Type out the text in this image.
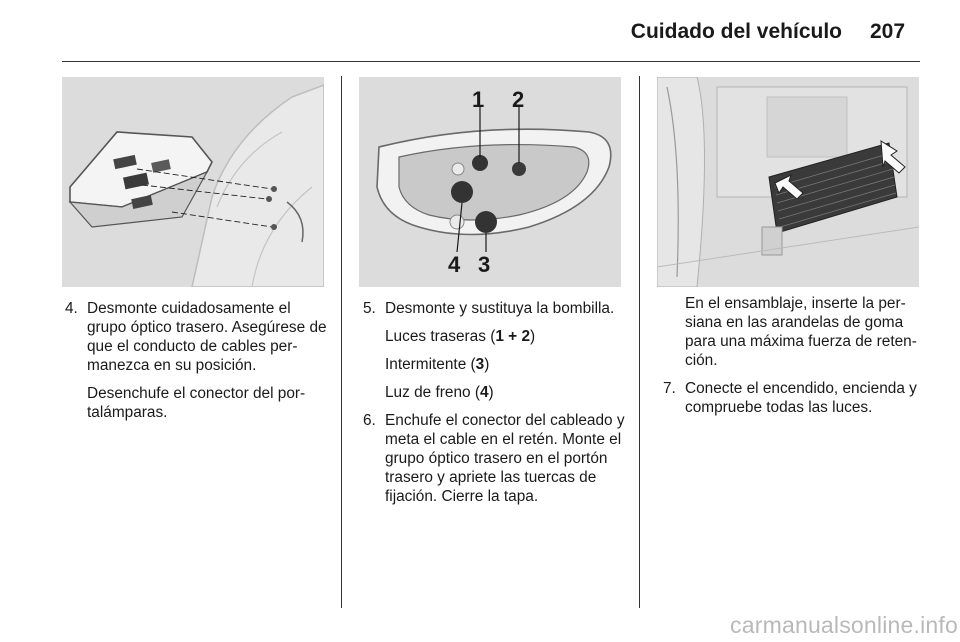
Cuidado del vehículo 207
1 2
3
4
4. Desmonte cuidadosamente el grupo óptico trasero. Asegúrese de que el conducto de cables permanezca en su posición.

Desenchufe el conector del portalámparas.

5. Desmonte y sustituya la bombilla.

Luces traseras (1 + 2)

Intermitente (3)

Luz de freno (4)

6. Enchufe el conector del cableado y meta el cable en el retén. Monte el grupo óptico trasero en el portón trasero y apriete las tuercas de fijación. Cierre la tapa.

En el ensamblaje, inserte la persiana en las arandelas de goma para una máxima fuerza de retención.

7. Conecte el encendido, encienda y compruebe todas las luces.
carmanualsonline.info
